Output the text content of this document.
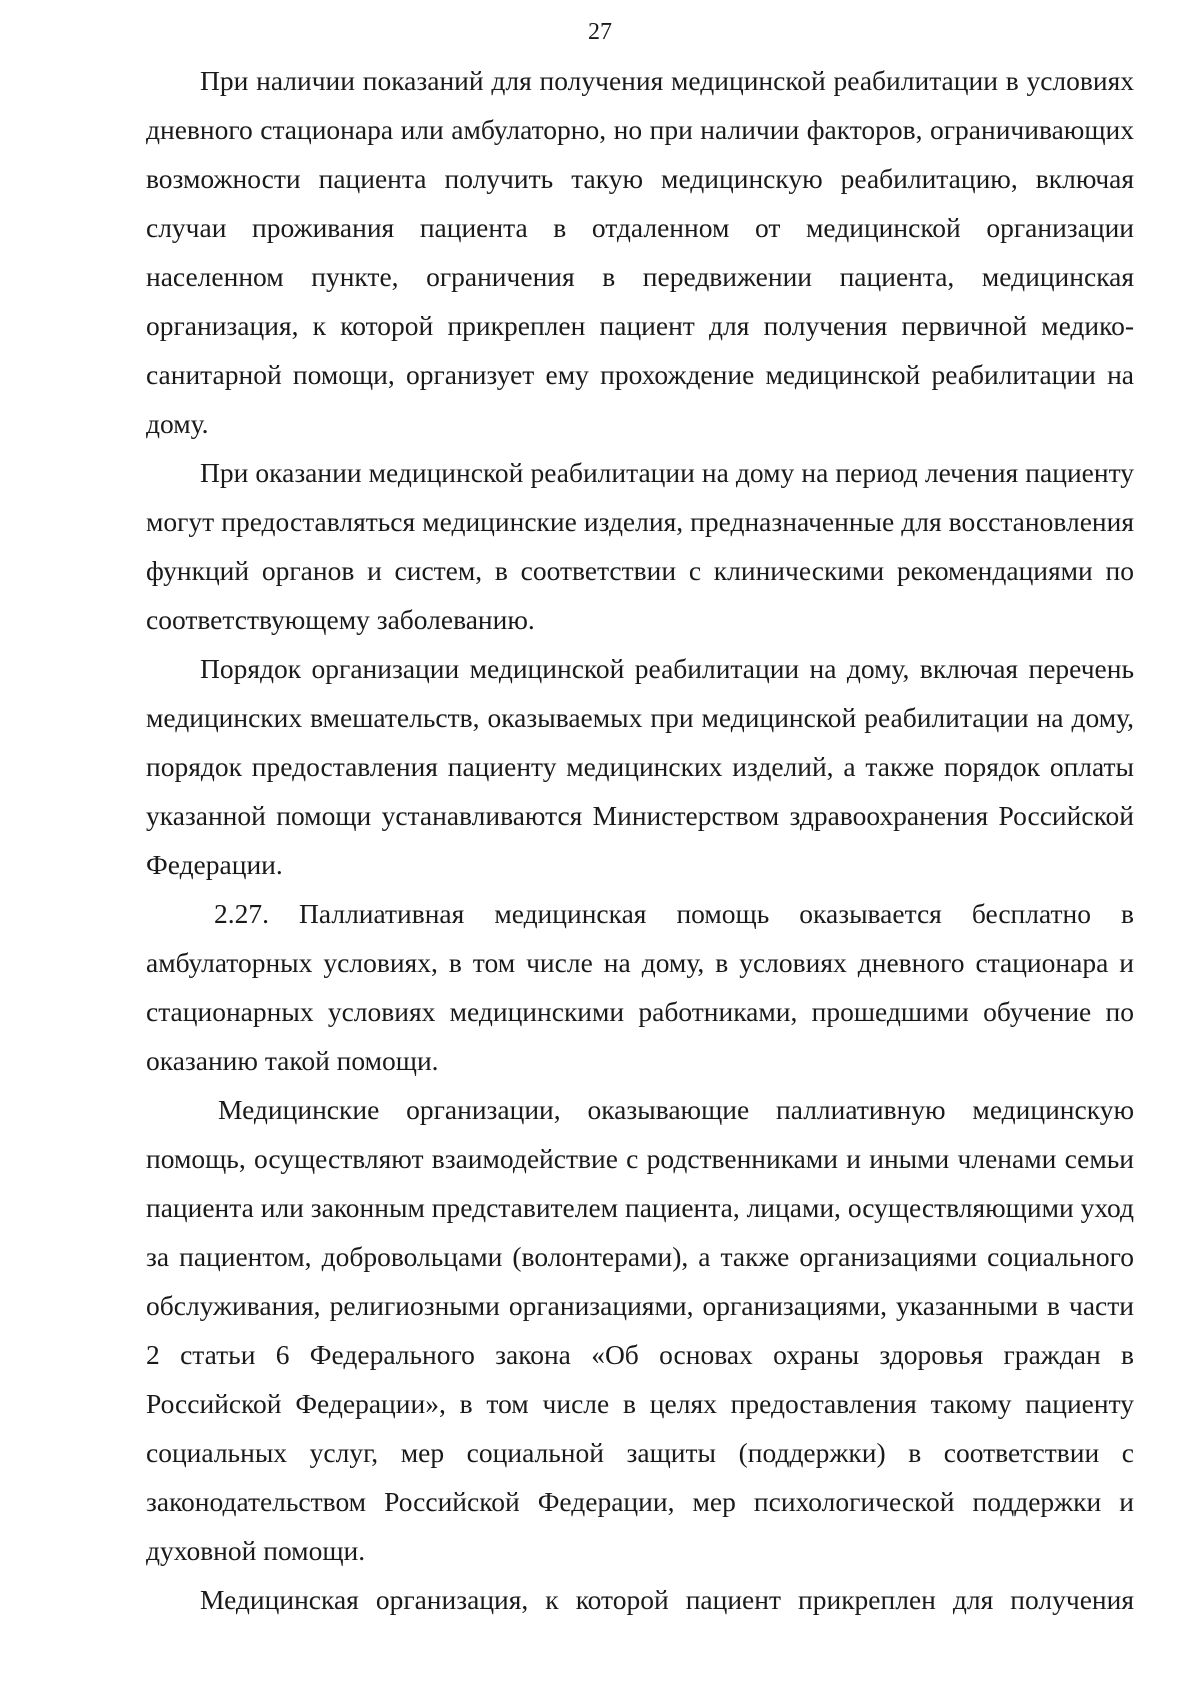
27

При наличии показаний для получения медицинской реабилитации в условиях дневного стационара или амбулаторно, но при наличии факторов, ограничивающих возможности пациента получить такую медицинскую реабилитацию, включая случаи проживания пациента в отдаленном от медицинской организации населенном пункте, ограничения в передвижении пациента, медицинская организация, к которой прикреплен пациент для получения первичной медико-санитарной помощи, организует ему прохождение медицинской реабилитации на дому.

При оказании медицинской реабилитации на дому на период лечения пациенту могут предоставляться медицинские изделия, предназначенные для восстановления функций органов и систем, в соответствии с клиническими рекомендациями по соответствующему заболеванию.

Порядок организации медицинской реабилитации на дому, включая перечень медицинских вмешательств, оказываемых при медицинской реабилитации на дому, порядок предоставления пациенту медицинских изделий, а также порядок оплаты указанной помощи устанавливаются Министерством здравоохранения Российской Федерации.

2.27. Паллиативная медицинская помощь оказывается бесплатно в амбулаторных условиях, в том числе на дому, в условиях дневного стационара и стационарных условиях медицинскими работниками, прошедшими обучение по оказанию такой помощи.

Медицинские организации, оказывающие паллиативную медицинскую помощь, осуществляют взаимодействие с родственниками и иными членами семьи пациента или законным представителем пациента, лицами, осуществляющими уход за пациентом, добровольцами (волонтерами), а также организациями социального обслуживания, религиозными организациями, организациями, указанными в части 2 статьи 6 Федерального закона «Об основах охраны здоровья граждан в Российской Федерации», в том числе в целях предоставления такому пациенту социальных услуг, мер социальной защиты (поддержки) в соответствии с законодательством Российской Федерации, мер психологической поддержки и духовной помощи.

Медицинская организация, к которой пациент прикреплен для получения
